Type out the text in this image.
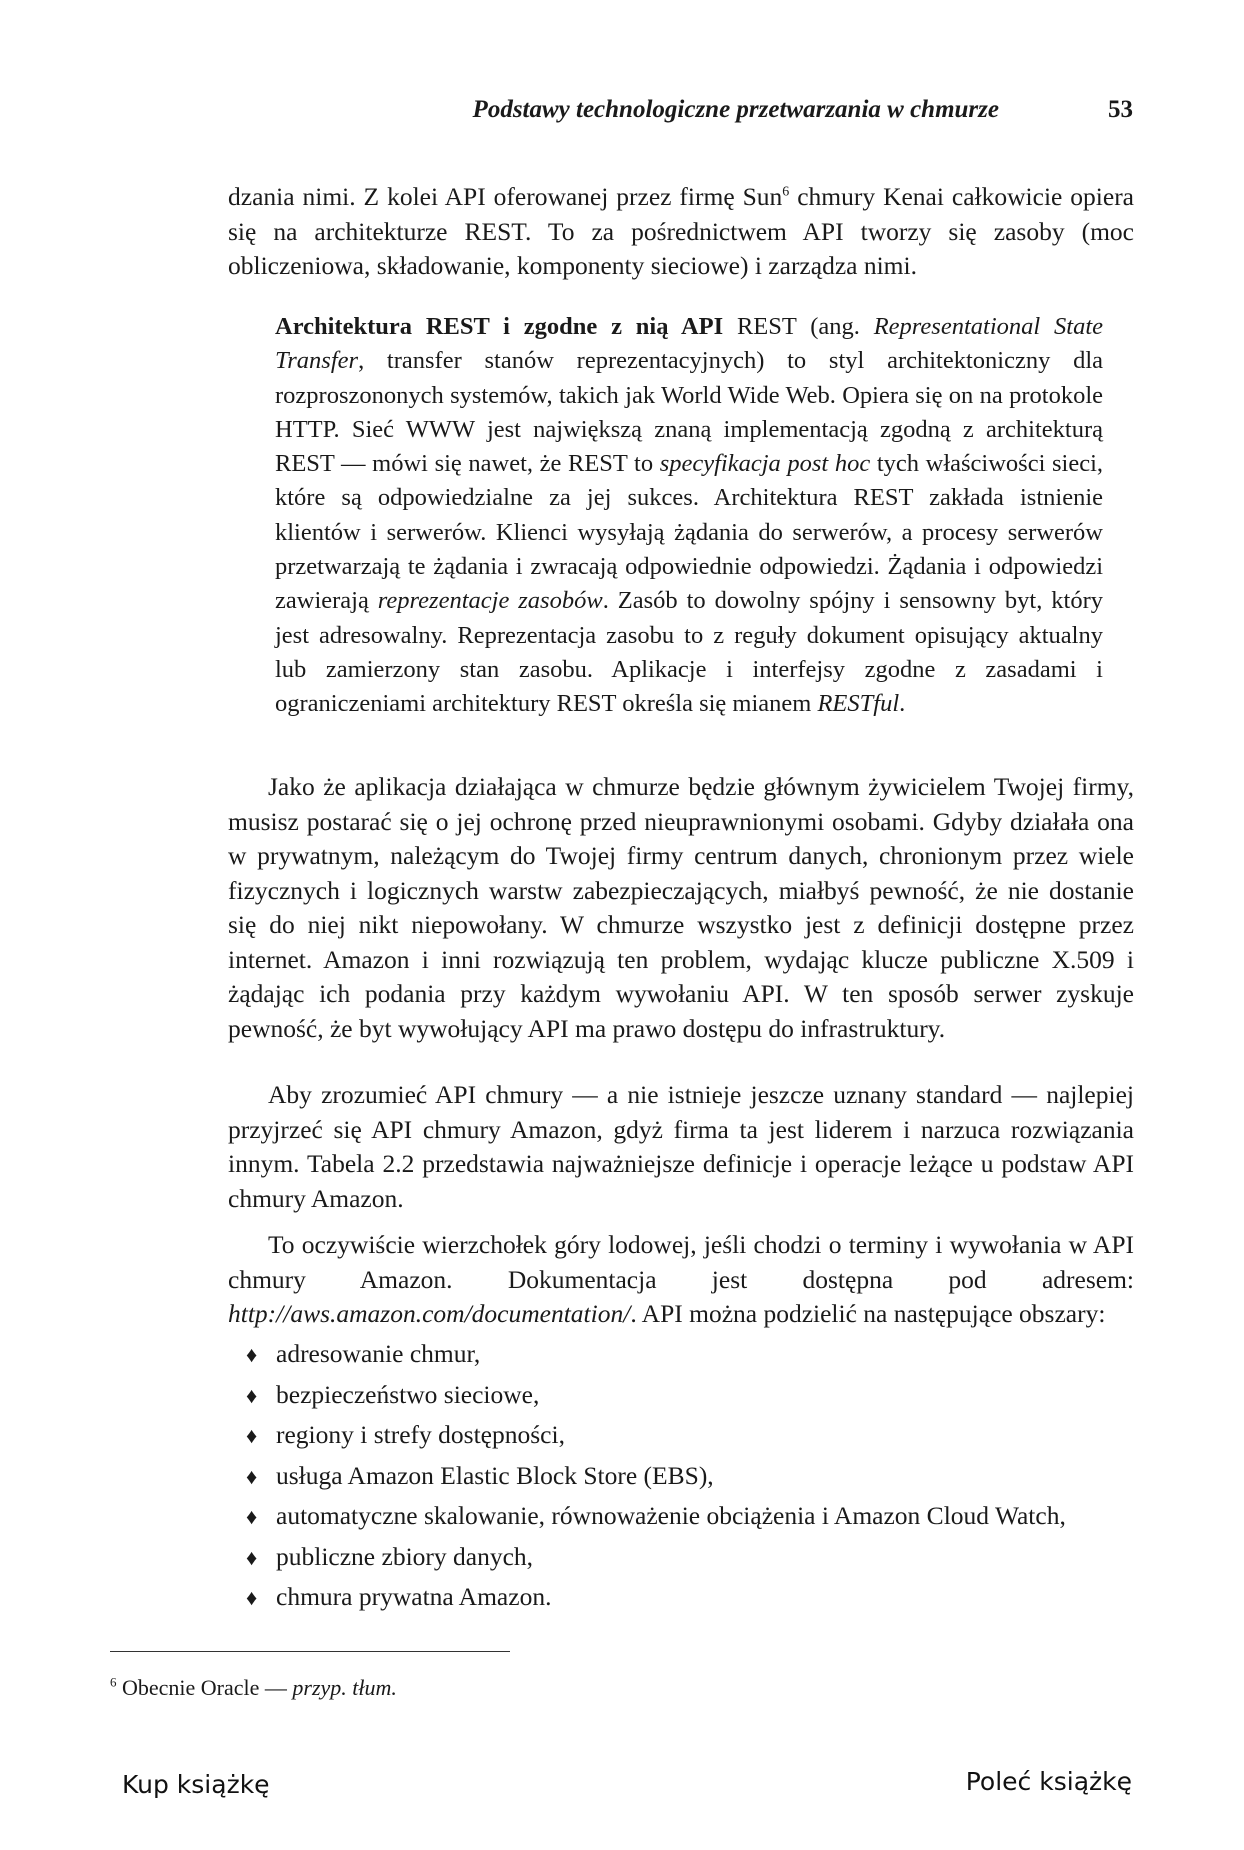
Podstawy technologiczne przetwarzania w chmurze	53

dzania nimi. Z kolei API oferowanej przez firmę Sun$^6$ chmury Kenai całkowicie opiera się na architekturze REST. To za pośrednictwem API tworzy się zasoby (moc obliczeniowa, składowanie, komponenty sieciowe) i zarządza nimi.

Architektura REST i zgodne z nią API REST (ang. Representational State Transfer, transfer stanów reprezentacyjnych) to styl architektoniczny dla rozproszononych systemów, takich jak World Wide Web. Opiera się on na protokole HTTP. Sieć WWW jest największą znaną implementacją zgodną z architekturą REST — mówi się nawet, że REST to specyfikacja post hoc tych właściwości sieci, które są odpowiedzialne za jej sukces. Architektura REST zakłada istnienie klientów i serwerów. Klienci wysyłają żądania do serwerów, a procesy serwerów przetwarzają te żądania i zwracają odpowiednie odpowiedzi. Żądania i odpowiedzi zawierają reprezentacje zasobów. Zasób to dowolny spójny i sensowny byt, który jest adresowalny. Reprezentacja zasobu to z reguły dokument opisujący aktualny lub zamierzony stan zasobu. Aplikacje i interfejsy zgodne z zasadami i ograniczeniami architektury REST określa się mianem RESTful.

Jako że aplikacja działająca w chmurze będzie głównym żywicielem Twojej firmy, musisz postarać się o jej ochronę przed nieuprawnionymi osobami. Gdyby działała ona w prywatnym, należącym do Twojej firmy centrum danych, chronionym przez wiele fizycznych i logicznych warstw zabezpieczających, miałbyś pewność, że nie dostanie się do niej nikt niepowołany. W chmurze wszystko jest z definicji dostępne przez internet. Amazon i inni rozwiązują ten problem, wydając klucze publiczne X.509 i żądając ich podania przy każdym wywołaniu API. W ten sposób serwer zyskuje pewność, że byt wywołujący API ma prawo dostępu do infrastruktury.

Aby zrozumieć API chmury — a nie istnieje jeszcze uznany standard — najlepiej przyjrzeć się API chmury Amazon, gdyż firma ta jest liderem i narzuca rozwiązania innym. Tabela 2.2 przedstawia najważniejsze definicje i operacje leżące u podstaw API chmury Amazon.

To oczywiście wierzchołek góry lodowej, jeśli chodzi o terminy i wywołania w API chmury Amazon. Dokumentacja jest dostępna pod adresem: http://aws.amazon.com/documentation/. API można podzielić na następujące obszary:

♦ adresowanie chmur,
♦ bezpieczeństwo sieciowe,
♦ regiony i strefy dostępności,
♦ usługa Amazon Elastic Block Store (EBS),
♦ automatyczne skalowanie, równoważenie obciążenia i Amazon Cloud Watch,
♦ publiczne zbiory danych,
♦ chmura prywatna Amazon.
$^6$ Obecnie Oracle — przyp. tłum.
Kup książkę	Poleć książkę
